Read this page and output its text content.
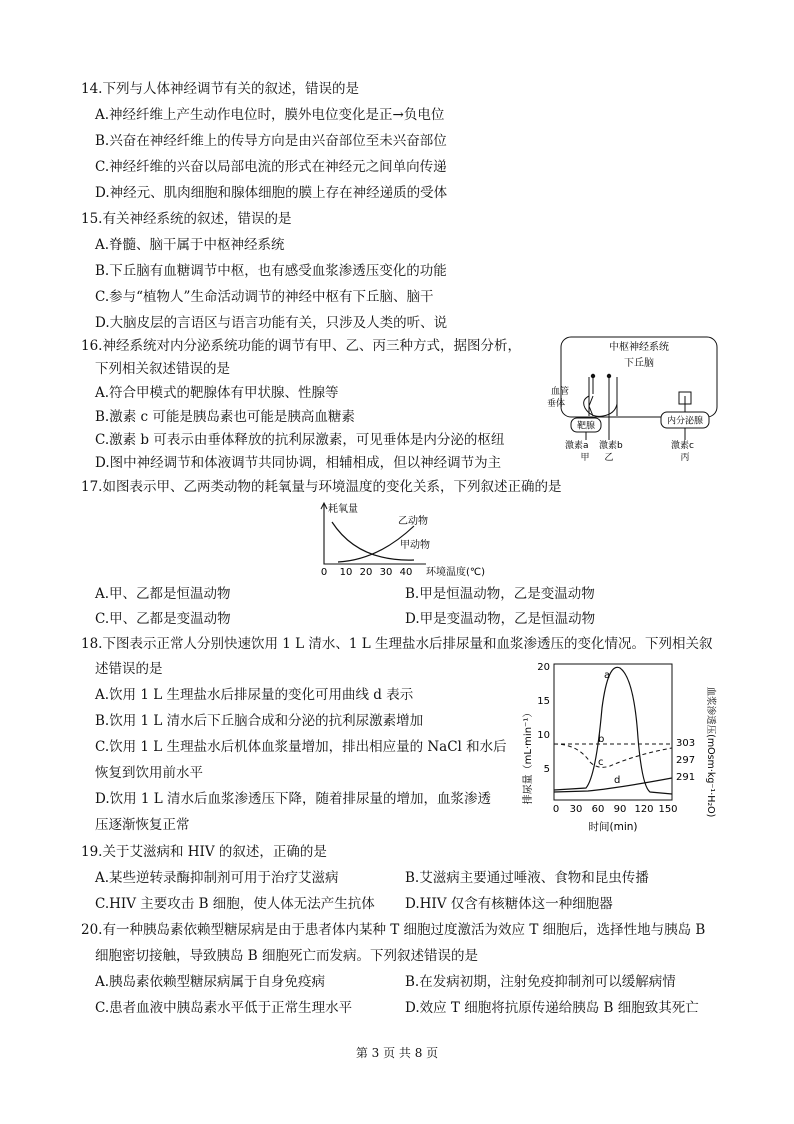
14.下列与人体神经调节有关的叙述，错误的是
A.神经纤维上产生动作电位时，膜外电位变化是正→负电位
B.兴奋在神经纤维上的传导方向是由兴奋部位至未兴奋部位
C.神经纤维的兴奋以局部电流的形式在神经元之间单向传递
D.神经元、肌肉细胞和腺体细胞的膜上存在神经递质的受体
15.有关神经系统的叙述，错误的是
A.脊髓、脑干属于中枢神经系统
B.下丘脑有血糖调节中枢，也有感受血浆渗透压变化的功能
C.参与“植物人”生命活动调节的神经中枢有下丘脑、脑干
D.大脑皮层的言语区与语言功能有关，只涉及人类的听、说
16.神经系统对内分泌系统功能的调节有甲、乙、丙三种方式，据图分析，
下列相关叙述错误的是
A.符合甲模式的靶腺体有甲状腺、性腺等
B.激素 c 可能是胰岛素也可能是胰高血糖素
C.激素 b 可表示由垂体释放的抗利尿激素，可见垂体是内分泌的枢纽
D.图中神经调节和体液调节共同协调，相辅相成，但以神经调节为主
中枢神经系统
下丘脑
血管
垂体
靶腺	内分泌腺
激素a 激素b	激素c
甲 乙	丙
17.如图表示甲、乙两类动物的耗氧量与环境温度的变化关系，下列叙述正确的是
耗氧量
乙动物
甲动物
环境温度(℃)
0 10 20 30 40
A.甲、乙都是恒温动物	B.甲是恒温动物，乙是变温动物
C.甲、乙都是变温动物	D.甲是变温动物，乙是恒温动物
18.下图表示正常人分别快速饮用 1 L 清水、1 L 生理盐水后排尿量和血浆渗透压的变化情况。下列相关叙
述错误的是
A.饮用 1 L 生理盐水后排尿量的变化可用曲线 d 表示
B.饮用 1 L 清水后下丘脑合成和分泌的抗利尿激素增加
C.饮用 1 L 生理盐水后机体血浆量增加，排出相应量的 NaCl 和水后
恢复到饮用前水平
D.饮用 1 L 清水后血浆渗透压下降，随着排尿量的增加，血浆渗透
压逐渐恢复正常
排尿量（mL·min⁻¹）	血浆渗透压(mOsm·kg⁻¹·H₂O)
20
15
10
5
303
297
291
0 30 60 90 120 150
时间(min)
a
b
c
d
19.关于艾滋病和 HIV 的叙述，正确的是
A.某些逆转录酶抑制剂可用于治疗艾滋病	B.艾滋病主要通过唾液、食物和昆虫传播
C.HIV 主要攻击 B 细胞，使人体无法产生抗体 D.HIV 仅含有核糖体这一种细胞器
20.有一种胰岛素依赖型糖尿病是由于患者体内某种 T 细胞过度激活为效应 T 细胞后，选择性地与胰岛 B
细胞密切接触，导致胰岛 B 细胞死亡而发病。下列叙述错误的是
A.胰岛素依赖型糖尿病属于自身免疫病	B.在发病初期，注射免疫抑制剂可以缓解病情
C.患者血液中胰岛素水平低于正常生理水平	D.效应 T 细胞将抗原传递给胰岛 B 细胞致其死亡
第 3 页 共 8 页
